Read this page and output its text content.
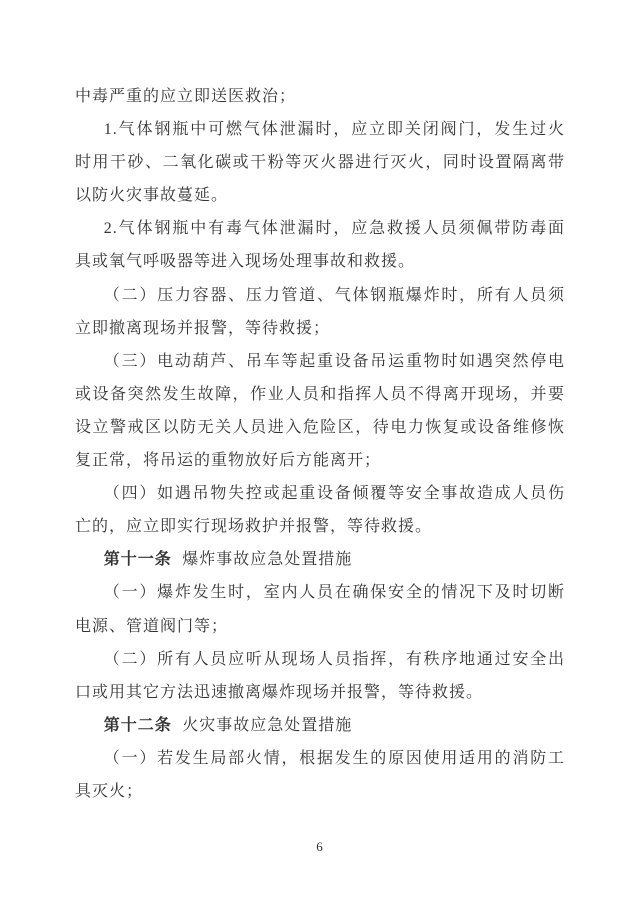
中毒严重的应立即送医救治；
1.气体钢瓶中可燃气体泄漏时，应立即关闭阀门，发生过火
时用干砂、二氧化碳或干粉等灭火器进行灭火，同时设置隔离带
以防火灾事故蔓延。
2.气体钢瓶中有毒气体泄漏时，应急救援人员须佩带防毒面
具或氧气呼吸器等进入现场处理事故和救援。
（二）压力容器、压力管道、气体钢瓶爆炸时，所有人员须
立即撤离现场并报警，等待救援；
（三）电动葫芦、吊车等起重设备吊运重物时如遇突然停电
或设备突然发生故障，作业人员和指挥人员不得离开现场，并要
设立警戒区以防无关人员进入危险区，待电力恢复或设备维修恢
复正常，将吊运的重物放好后方能离开；
（四）如遇吊物失控或起重设备倾覆等安全事故造成人员伤
亡的，应立即实行现场救护并报警，等待救援。
第十一条 爆炸事故应急处置措施
（一）爆炸发生时，室内人员在确保安全的情况下及时切断
电源、管道阀门等；
（二）所有人员应听从现场人员指挥，有秩序地通过安全出
口或用其它方法迅速撤离爆炸现场并报警，等待救援。
第十二条 火灾事故应急处置措施
（一）若发生局部火情，根据发生的原因使用适用的消防工
具灭火；
6
